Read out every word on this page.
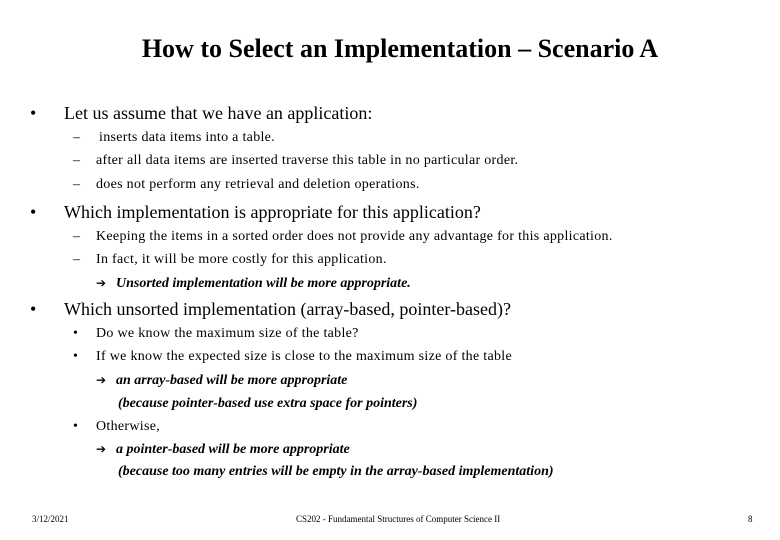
How to Select an Implementation – Scenario A
• Let us assume that we have an application:
– inserts data items into a table.
– after all data items are inserted traverse this table in no particular order.
– does not perform any retrieval and deletion operations.
• Which implementation is appropriate for this application?
– Keeping the items in a sorted order does not provide any advantage for this application.
– In fact, it will be more costly for this application.
➔ Unsorted implementation will be more appropriate.
• Which unsorted implementation (array-based, pointer-based)?
• Do we know the maximum size of the table?
• If we know the expected size is close to the maximum size of the table
➔ an array-based will be more appropriate
(because pointer-based use extra space for pointers)
• Otherwise,
➔ a pointer-based will be more appropriate
(because too many entries will be empty in the array-based implementation)
3/12/2021	CS202 - Fundamental Structures of Computer Science II	8
